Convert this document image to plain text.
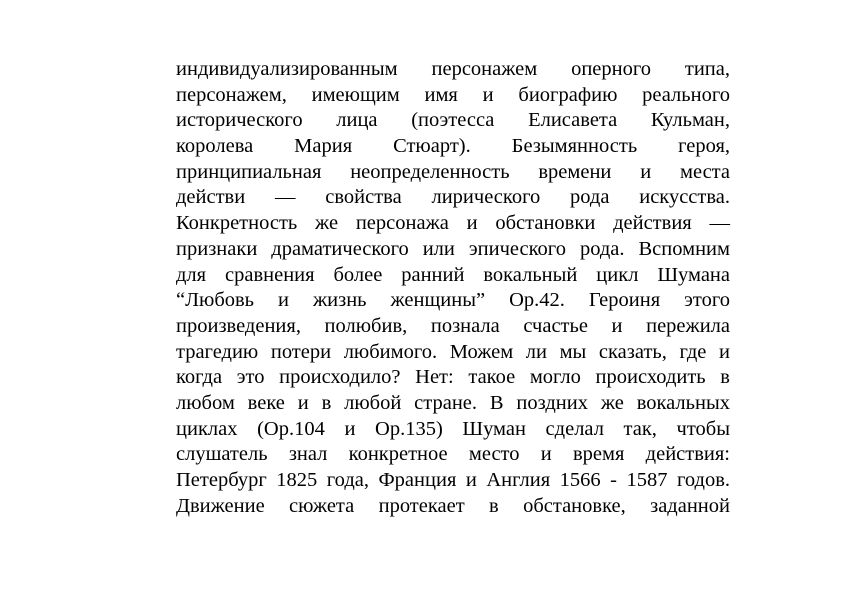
индивидуализированным персонажем оперного типа,
персонажем, имеющим имя и биографию реального
исторического лица (поэтесса Елисавета Кульман,
королева Мария Стюарт). Безымянность героя,
принципиальная неопределенность времени и места
действи — свойства лирического рода искусства.
Конкретность же персонажа и обстановки действия —
признаки драматического или эпического рода. Вспомним
для сравнения более ранний вокальный цикл Шумана
“Любовь и жизнь женщины” Ор.42. Героиня этого
произведения, полюбив, познала счастье и пережила
трагедию потери любимого. Можем ли мы сказать, где и
когда это происходило? Нет: такое могло происходить в
любом веке и в любой стране. В поздних же вокальных
циклах (Ор.104 и Ор.135) Шуман сделал так, чтобы
слушатель знал конкретное место и время действия:
Петербург 1825 года, Франция и Англия 1566 - 1587 годов.
Движение сюжета протекает в обстановке, заданной
